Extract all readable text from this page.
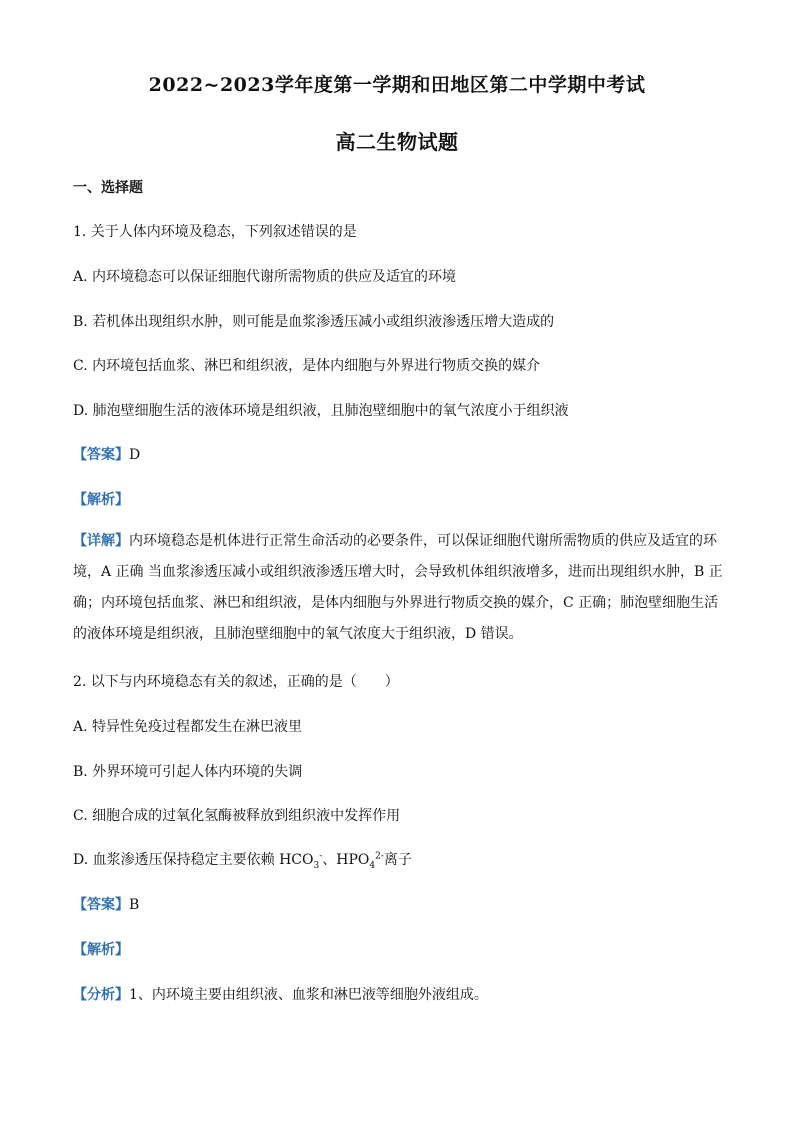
2022~2023学年度第一学期和田地区第二中学期中考试
高二生物试题
一、选择题
1. 关于人体内环境及稳态，下列叙述错误的是
A. 内环境稳态可以保证细胞代谢所需物质的供应及适宜的环境
B. 若机体出现组织水肿，则可能是血浆渗透压减小或组织液渗透压增大造成的
C. 内环境包括血浆、淋巴和组织液，是体内细胞与外界进行物质交换的媒介
D. 肺泡壁细胞生活的液体环境是组织液，且肺泡壁细胞中的氧气浓度小于组织液
【答案】D
【解析】
【详解】内环境稳态是机体进行正常生命活动的必要条件，可以保证细胞代谢所需物质的供应及适宜的环境，A 正确 当血浆渗透压减小或组织液渗透压增大时，会导致机体组织液增多，进而出现组织水肿，B 正确；内环境包括血浆、淋巴和组织液，是体内细胞与外界进行物质交换的媒介，C 正确；肺泡壁细胞生活的液体环境是组织液，且肺泡壁细胞中的氧气浓度大于组织液，D 错误。
2. 以下与内环境稳态有关的叙述，正确的是（　　）
A. 特异性免疫过程都发生在淋巴液里
B. 外界环境可引起人体内环境的失调
C. 细胞合成的过氧化氢酶被释放到组织液中发挥作用
D. 血浆渗透压保持稳定主要依赖 $HCO_3^-$、$HPO_4^{2-}$离子
【答案】B
【解析】
【分析】1、内环境主要由组织液、血浆和淋巴液等细胞外液组成。
